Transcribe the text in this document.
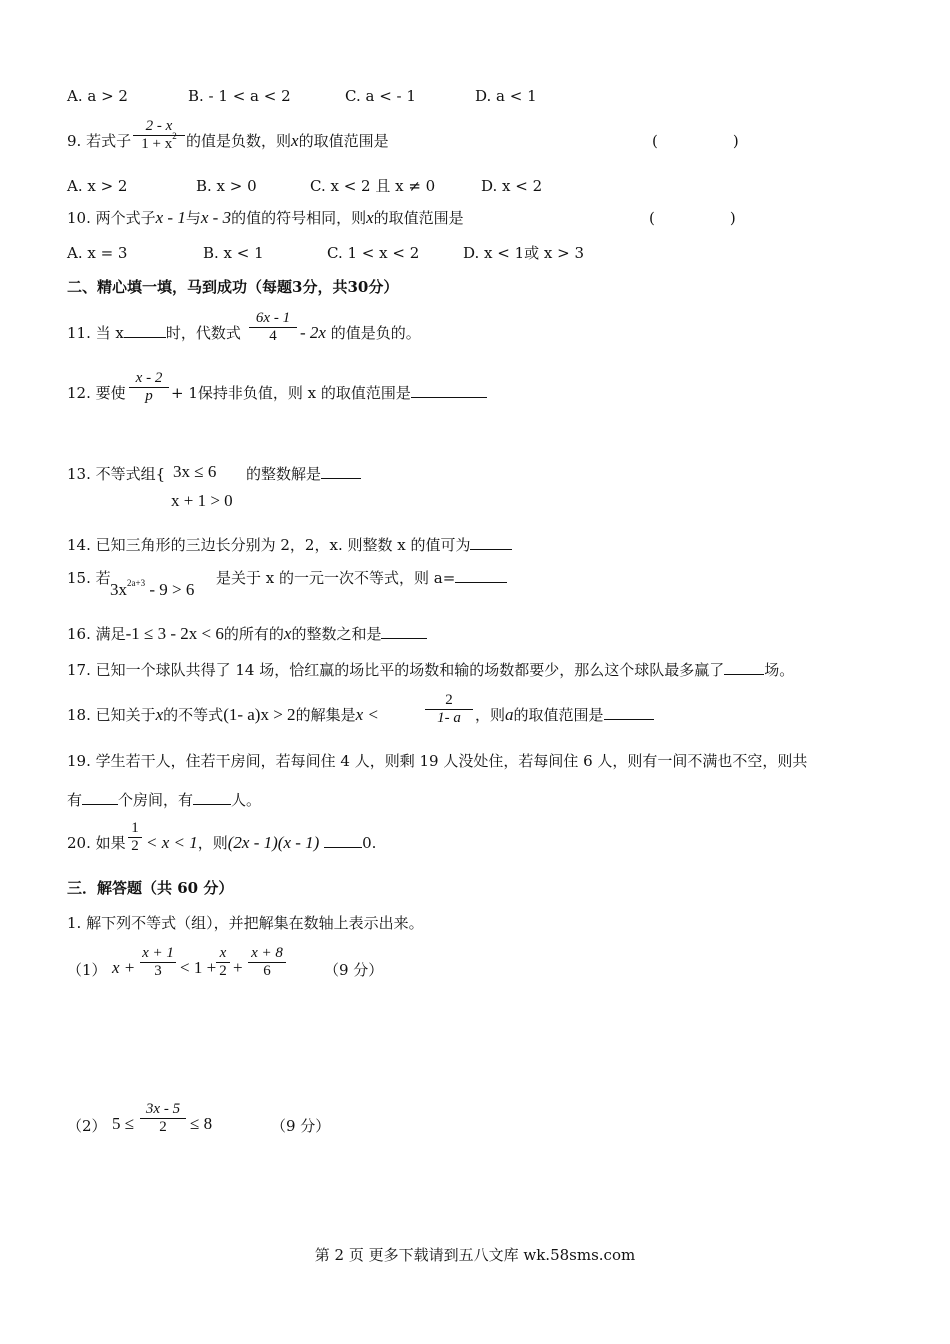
A. a > 2	B. - 1 < a < 2	C. a < - 1	D. a < 1
9. 若式子
2 - x
$1 + x^2$ 的值是负数，则x的取值范围是	(　　　　　)
A. x > 2	B. x > 0	C. x < 2 且 x ≠ 0	D. x < 2
10. 两个式子x - 1与x - 3的值的符号相同，则x的取值范围是	(　　　　　)
A. x = 3	B. x < 1	C. 1 < x < 2	D. x < 1或 x > 3
二、精心填一填，马到成功（每题3分，共30分）
11. 当 x	时，代数式
6x - 1
4	- 2x 的值是负的。
12. 要使
x - 2
p	+ 1保持非负值，则 x 的取值范围是
13. 不等式组{ 3x ≤ 6
x + 1 > 0
的整数解是
14. 已知三角形的三边长分别为 2，2，x. 则整数 x 的值可为
15. 若
$3x^{2a+3} - 9 > 6$
是关于 x 的一元一次不等式，则 a=
16. 满足-1 ≤ 3 - 2x < 6的所有的x的整数之和是
17. 已知一个球队共得了 14 场，恰红赢的场比平的场数和输的场数都要少，那么这个球队最多赢了	场。
18. 已知关于x的不等式(1- a)x > 2的解集是x <
2
1- a ，则a的取值范围是
19. 学生若干人，住若干房间，若每间住 4 人，则剩 19 人没处住，若每间住 6 人，则有一间不满也不空，则共
有 个房间，有	人。
20. 如果
1
2 < x < 1，则(2x - 1)(x - 1)	0.
三．解答题（共 60 分）
1. 解下列不等式（组），并把解集在数轴上表示出来。
（1） x +
x + 1
3	< 1 +
x
2 +
x + 8
6	（9 分）
（2） 5 ≤
3x - 5
2	≤ 8	（9 分）
第 2 页 更多下载请到五八文库 wk.58sms.com
